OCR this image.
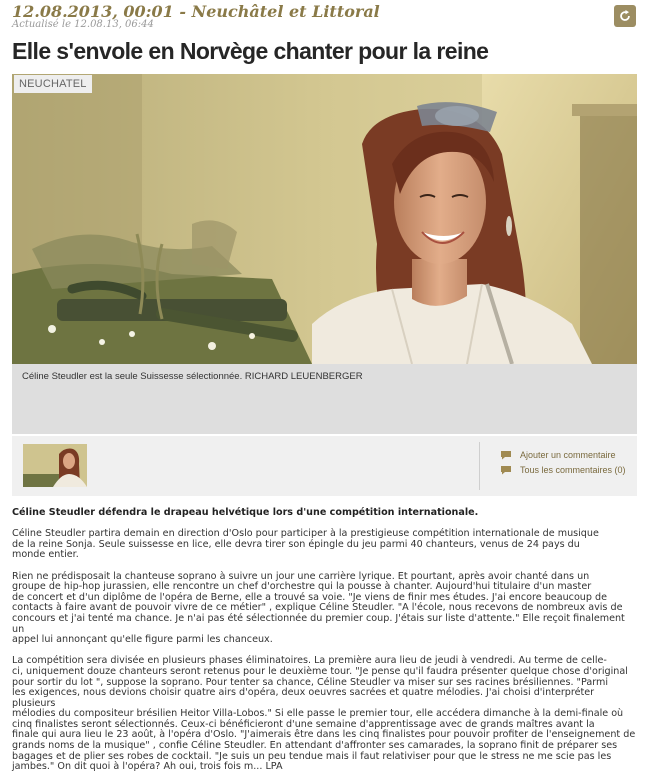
12.08.2013, 00:01 - Neuchâtel et Littoral
Actualisé le 12.08.13, 06:44
Elle s'envole en Norvège chanter pour la reine
NEUCHATEL
Céline Steudler est la seule Suissesse sélectionnée. RICHARD LEUENBERGER
Ajouter un commentaire
Tous les commentaires (0)

Céline Steudler défendra le drapeau helvétique lors d'une compétition internationale.

Céline Steudler partira demain en direction d'Oslo pour participer à la prestigieuse compétition internationale de musique
de la reine Sonja. Seule suissesse en lice, elle devra tirer son épingle du jeu parmi 40 chanteurs, venus de 24 pays du
monde entier.

Rien ne prédisposait la chanteuse soprano à suivre un jour une carrière lyrique. Et pourtant, après avoir chanté dans un
groupe de hip-hop jurassien, elle rencontre un chef d'orchestre qui la pousse à chanter. Aujourd'hui titulaire d'un master
de concert et d'un diplôme de l'opéra de Berne, elle a trouvé sa voie. "Je viens de finir mes études. J'ai encore beaucoup de
contacts à faire avant de pouvoir vivre de ce métier" , explique Céline Steudler. "A l'école, nous recevons de nombreux avis de
concours et j'ai tenté ma chance. Je n'ai pas été sélectionnée du premier coup. J'étais sur liste d'attente." Elle reçoit finalement un
appel lui annonçant qu'elle figure parmi les chanceux.

La compétition sera divisée en plusieurs phases éliminatoires. La première aura lieu de jeudi à vendredi. Au terme de celle-
ci, uniquement douze chanteurs seront retenus pour le deuxième tour. "Je pense qu'il faudra présenter quelque chose d'original
pour sortir du lot ", suppose la soprano. Pour tenter sa chance, Céline Steudler va miser sur ses racines brésiliennes. "Parmi
les exigences, nous devions choisir quatre airs d'opéra, deux oeuvres sacrées et quatre mélodies. J'ai choisi d'interpréter plusieurs
mélodies du compositeur brésilien Heitor Villa-Lobos." Si elle passe le premier tour, elle accédera dimanche à la demi-finale où
cinq finalistes seront sélectionnés. Ceux-ci bénéficieront d'une semaine d'apprentissage avec de grands maîtres avant la
finale qui aura lieu le 23 août, à l'opéra d'Oslo. "J'aimerais être dans les cinq finalistes pour pouvoir profiter de l'enseignement de
grands noms de la musique" , confie Céline Steudler. En attendant d'affronter ses camarades, la soprano finit de préparer ses
bagages et de plier ses robes de cocktail. "Je suis un peu tendue mais il faut relativiser pour que le stress ne me scie pas les
jambes." On dit quoi à l'opéra? Ah oui, trois fois m... LPA
